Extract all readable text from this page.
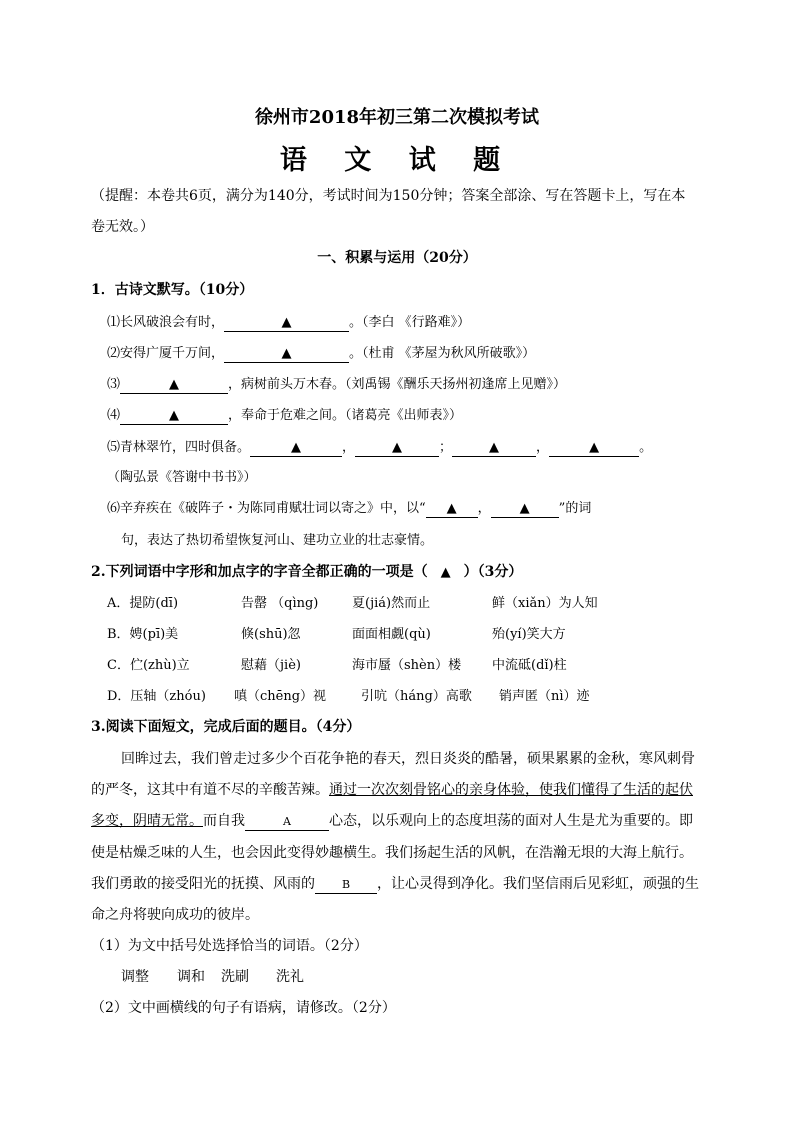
徐州市2018年初三第二次模拟考试
语 文 试 题
（提醒：本卷共6页，满分为140分，考试时间为150分钟；答案全部涂、写在答题卡上，写在本
卷无效。）
一、积累与运用（20分）
1．古诗文默写。（10分）
⑴长风破浪会有时，	▲	。（李白 《行路难》）
⑵安得广厦千万间，	▲	。（杜甫 《茅屋为秋风所破歌》）
⑶	▲	，病树前头万木春。（刘禹锡《酬乐天扬州初逢席上见赠》）
⑷	▲	，奉命于危难之间。（诸葛亮《出师表》）
⑸青林翠竹，四时俱备。	▲	，	▲	；	▲	，	▲	。
（陶弘景《答谢中书书》）
⑹辛弃疾在《破阵子・为陈同甫赋壮词以寄之》中，以“ ▲ ， ▲ ”的词
句，表达了热切希望恢复河山、建功立业的壮志豪情。
2.下列词语中字形和加点字的字音全都正确的一项是（ ▲ ）（3分）
A．提防(dī)	告罄 （qìng)	夏(jiá)然而止	鲜（xiǎn）为人知
B．娉(pī)美	倏(shū)忽	面面相觑(qù)	殆(yí)笑大方
C．伫(zhù)立	慰藉（jiè)	海市蜃（shèn）楼 中流砥(dǐ)柱
D．压轴（zhóu) 嗔（chēng）视	引吭（háng）高歌 销声匿（nì）迹
3.阅读下面短文，完成后面的题目。（4分）
回眸过去，我们曾走过多少个百花争艳的春天，烈日炎炎的酷暑，硕果累累的金秋，寒风刺骨
的严冬，这其中有道不尽的辛酸苦辣。通过一次次刻骨铭心的亲身体验，使我们懂得了生活的起伏
多变，阴晴无常。而自我	A	心态，以乐观向上的态度坦荡的面对人生是尤为重要的。即
使是枯燥乏味的人生，也会因此变得妙趣横生。我们扬起生活的风帆，在浩瀚无垠的大海上航行。
我们勇敢的接受阳光的抚摸、风雨的 B ，让心灵得到净化。我们坚信雨后见彩虹，顽强的生
命之舟将驶向成功的彼岸。
（1）为文中括号处选择恰当的词语。（2分）
调整 调和 洗刷 洗礼
（2）文中画横线的句子有语病，请修改。（2分）
